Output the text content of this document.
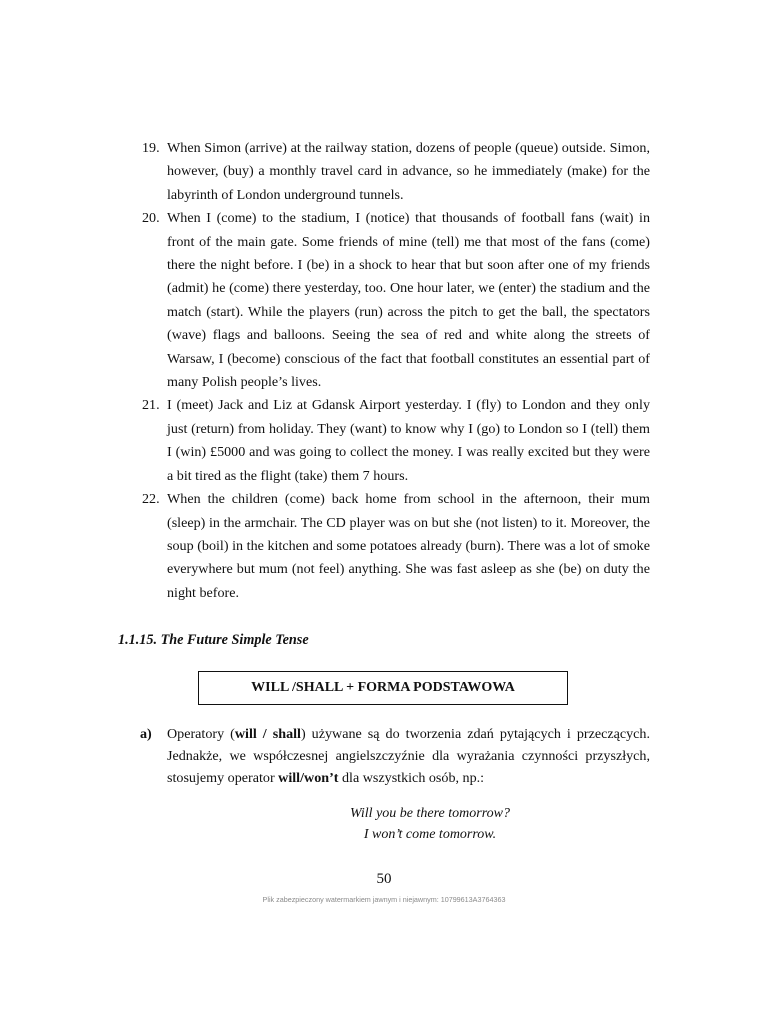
19. When Simon (arrive) at the railway station, dozens of people (queue) outside. Simon, however, (buy) a monthly travel card in advance, so he immediately (make) for the labyrinth of London underground tunnels.
20. When I (come) to the stadium, I (notice) that thousands of football fans (wait) in front of the main gate. Some friends of mine (tell) me that most of the fans (come) there the night before. I (be) in a shock to hear that but soon after one of my friends (admit) he (come) there yesterday, too. One hour later, we (enter) the stadium and the match (start). While the players (run) across the pitch to get the ball, the spectators (wave) flags and balloons. Seeing the sea of red and white along the streets of Warsaw, I (become) conscious of the fact that football constitutes an essential part of many Polish people’s lives.
21. I (meet) Jack and Liz at Gdansk Airport yesterday. I (fly) to London and they only just (return) from holiday. They (want) to know why I (go) to London so I (tell) them I (win) £5000 and was going to collect the money. I was really excited but they were a bit tired as the flight (take) them 7 hours.
22. When the children (come) back home from school in the afternoon, their mum (sleep) in the armchair. The CD player was on but she (not listen) to it. Moreover, the soup (boil) in the kitchen and some potatoes already (burn). There was a lot of smoke everywhere but mum (not feel) anything. She was fast asleep as she (be) on duty the night before.
1.1.15. The Future Simple Tense
WILL /SHALL + FORMA PODSTAWOWA
a)	Operatory (will / shall) używane są do tworzenia zdań pytających i przeczących. Jednakże, we współczesnej angielszczyźnie dla wyrażania czynności przyszłych, stosujemy operator will/won’t dla wszystkich osób, np.:
Will you be there tomorrow?
I won’t come tomorrow.
50
Plik zabezpieczony watermarkiem jawnym i niejawnym: 10799613A3764363
